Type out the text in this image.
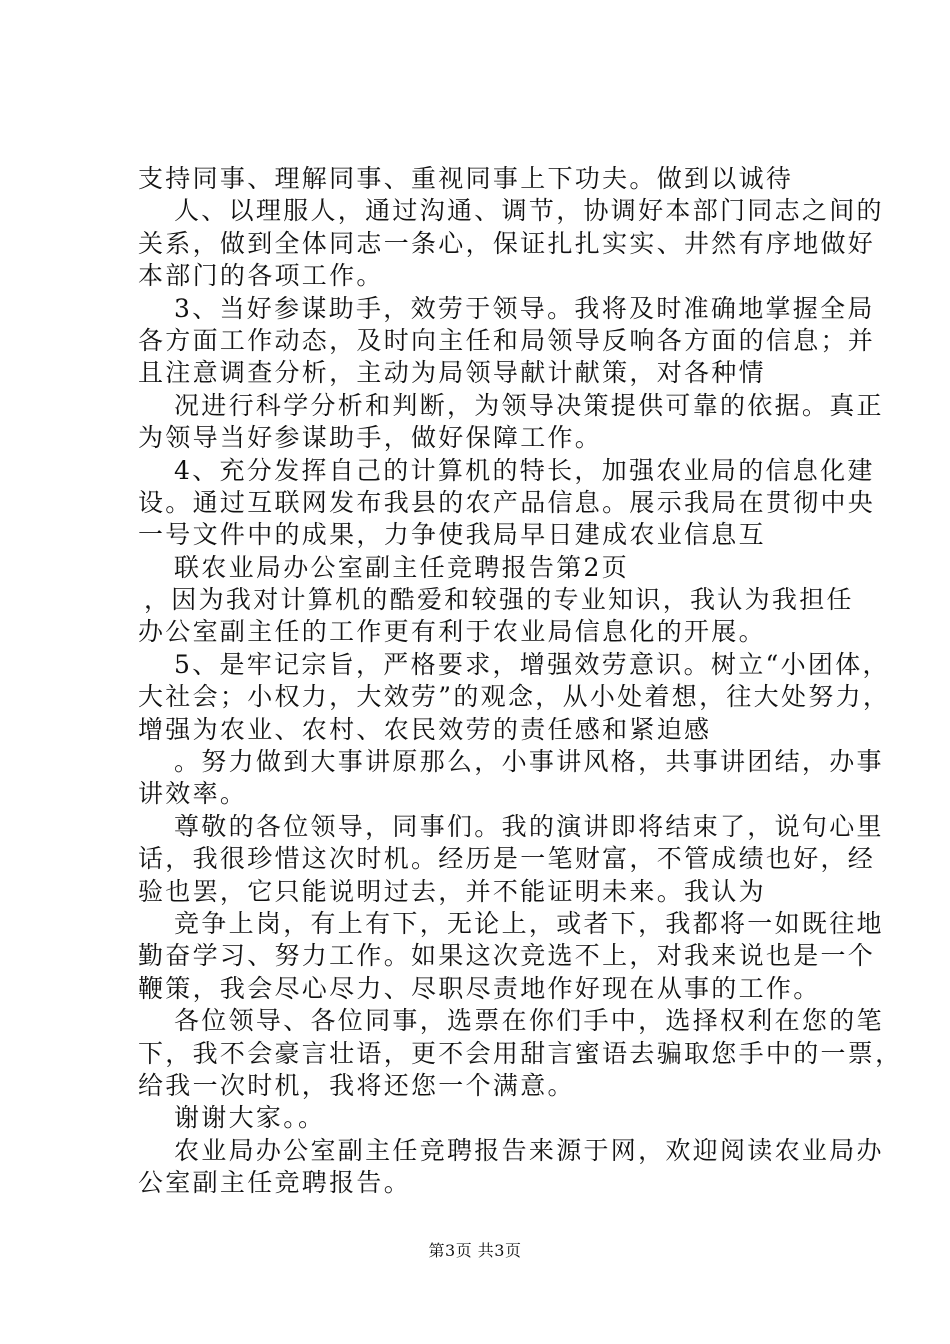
支持同事、理解同事、重视同事上下功夫。做到以诚待
人、以理服人，通过沟通、调节，协调好本部门同志之间的
关系，做到全体同志一条心，保证扎扎实实、井然有序地做好
本部门的各项工作。
3、当好参谋助手，效劳于领导。我将及时准确地掌握全局
各方面工作动态，及时向主任和局领导反响各方面的信息；并
且注意调查分析，主动为局领导献计献策，对各种情
况进行科学分析和判断，为领导决策提供可靠的依据。真正
为领导当好参谋助手，做好保障工作。
4、充分发挥自己的计算机的特长，加强农业局的信息化建
设。通过互联网发布我县的农产品信息。展示我局在贯彻中央
一号文件中的成果，力争使我局早日建成农业信息互
联农业局办公室副主任竞聘报告第2页
，因为我对计算机的酷爱和较强的专业知识，我认为我担任
办公室副主任的工作更有利于农业局信息化的开展。
5、是牢记宗旨，严格要求，增强效劳意识。树立“小团体，
大社会；小权力，大效劳”的观念，从小处着想，往大处努力，
增强为农业、农村、农民效劳的责任感和紧迫感
。努力做到大事讲原那么，小事讲风格，共事讲团结，办事
讲效率。
尊敬的各位领导，同事们。我的演讲即将结束了，说句心里
话，我很珍惜这次时机。经历是一笔财富，不管成绩也好，经
验也罢，它只能说明过去，并不能证明未来。我认为
竞争上岗，有上有下，无论上，或者下，我都将一如既往地
勤奋学习、努力工作。如果这次竞选不上，对我来说也是一个
鞭策，我会尽心尽力、尽职尽责地作好现在从事的工作。
各位领导、各位同事，选票在你们手中，选择权利在您的笔
下，我不会豪言壮语，更不会用甜言蜜语去骗取您手中的一票，
给我一次时机，我将还您一个满意。
谢谢大家。。
农业局办公室副主任竞聘报告来源于网，欢迎阅读农业局办
公室副主任竞聘报告。
第3页 共3页
